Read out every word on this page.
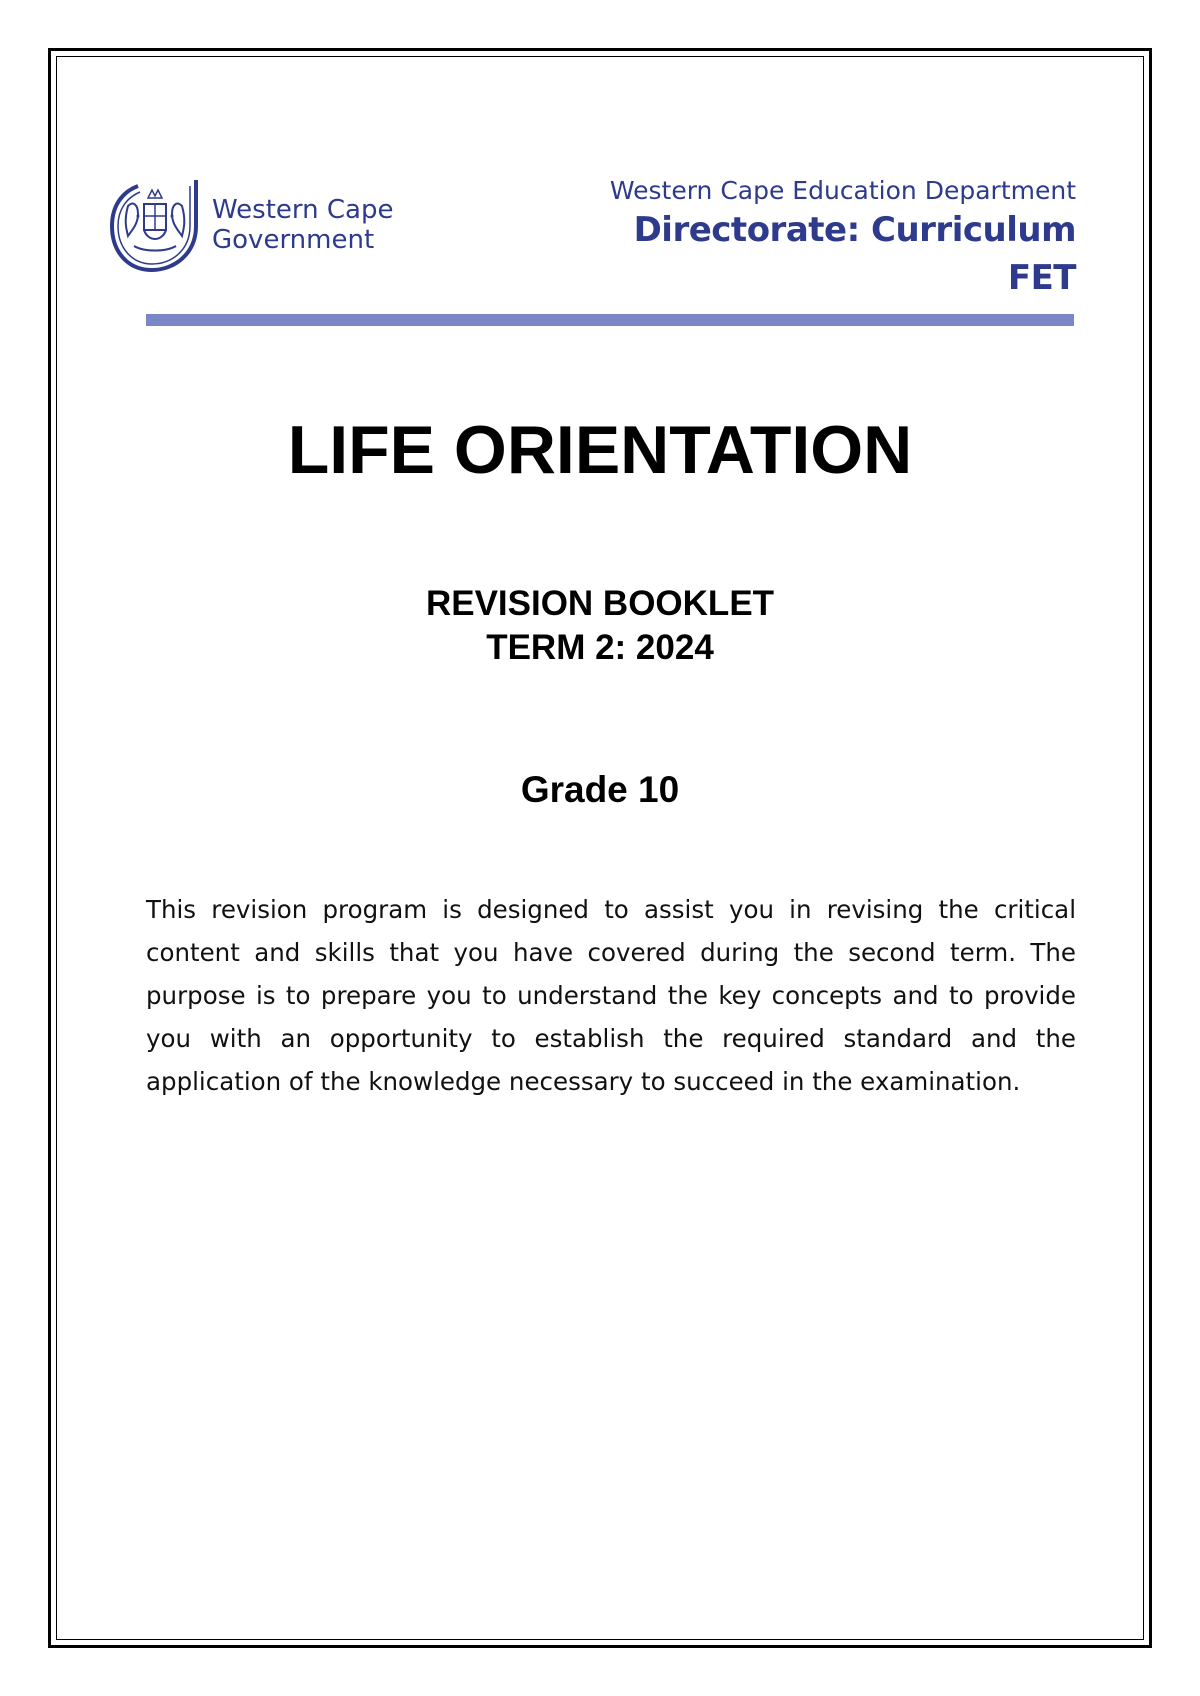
Western Cape
Government
Western Cape Education Department
Directorate: Curriculum FET
LIFE ORIENTATION
REVISION BOOKLET
TERM 2: 2024
Grade 10
This revision program is designed to assist you in revising the critical content and skills that you have covered during the second term. The purpose is to prepare you to understand the key concepts and to provide you with an opportunity to establish the required standard and the application of the knowledge necessary to succeed in the examination.
